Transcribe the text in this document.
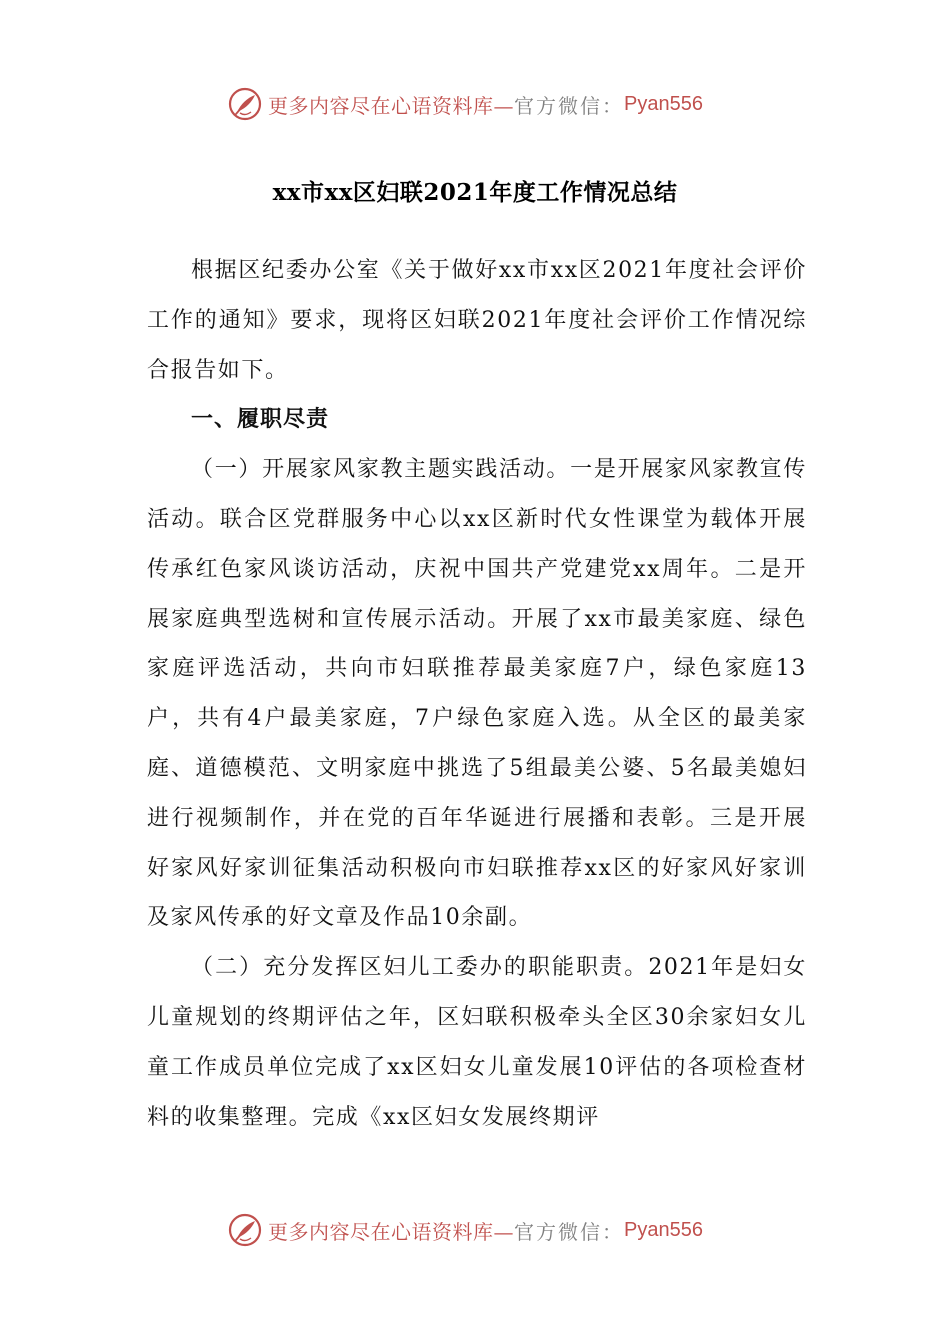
更多内容尽在心语资料库— 官方微信： Pyan556
xx市xx区妇联2021年度工作情况总结

根据区纪委办公室《关于做好xx市xx区2021年度社会评价工作的通知》要求，现将区妇联2021年度社会评价工作情况综合报告如下。

一、履职尽责

（一）开展家风家教主题实践活动。一是开展家风家教宣传活动。联合区党群服务中心以xx区新时代女性课堂为载体开展传承红色家风谈访活动，庆祝中国共产党建党xx周年。二是开展家庭典型选树和宣传展示活动。开展了xx市最美家庭、绿色家庭评选活动，共向市妇联推荐最美家庭7户，绿色家庭13户，共有4户最美家庭，7户绿色家庭入选。从全区的最美家庭、道德模范、文明家庭中挑选了5组最美公婆、5名最美媳妇进行视频制作，并在党的百年华诞进行展播和表彰。三是开展好家风好家训征集活动积极向市妇联推荐xx区的好家风好家训及家风传承的好文章及作品10余副。

（二）充分发挥区妇儿工委办的职能职责。2021年是妇女儿童规划的终期评估之年，区妇联积极牵头全区30余家妇女儿童工作成员单位完成了xx区妇女儿童发展10评估的各项检查材料的收集整理。完成《xx区妇女发展终期评

更多内容尽在心语资料库— 官方微信： Pyan556
